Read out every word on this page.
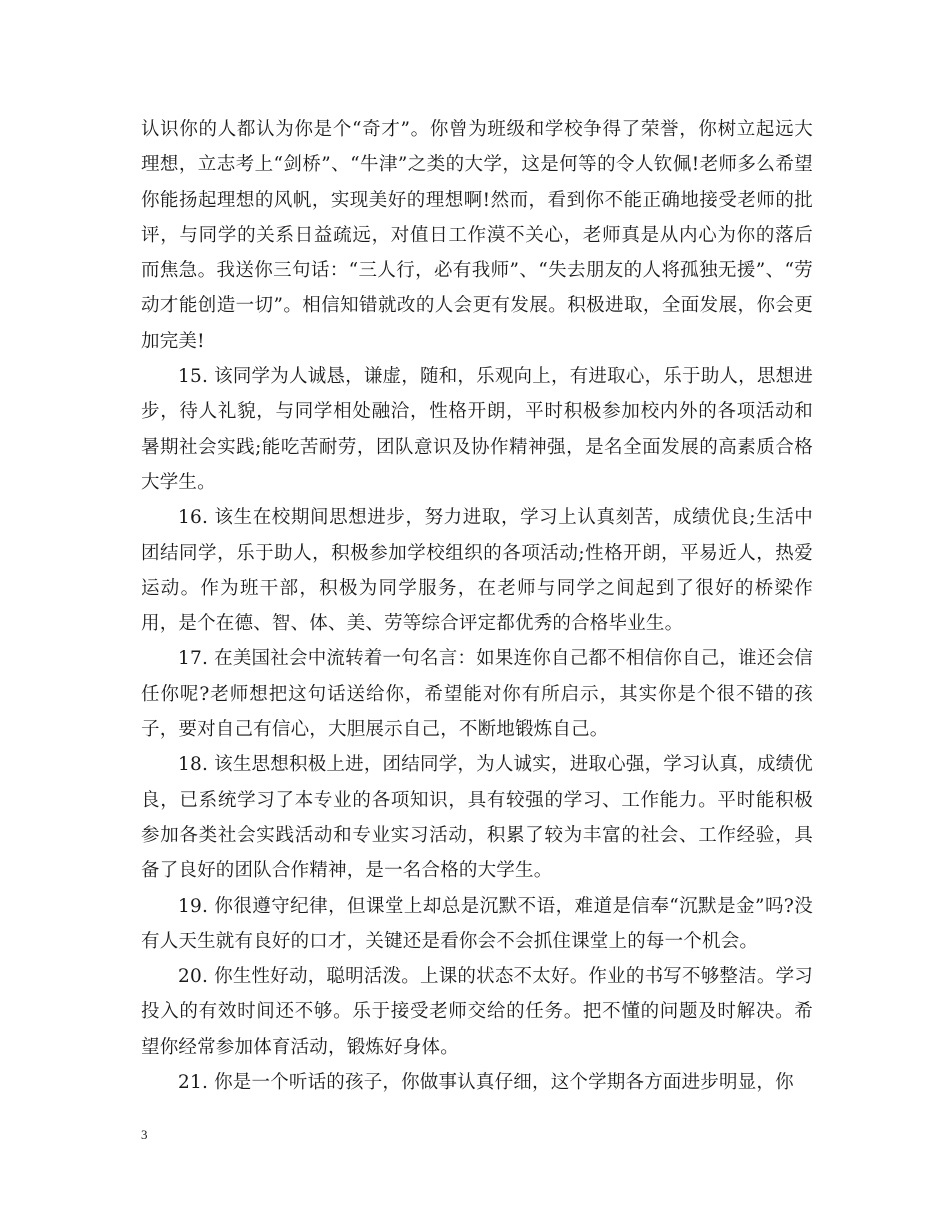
认识你的人都认为你是个“奇才”。你曾为班级和学校争得了荣誉，你树立起远大理想，立志考上“剑桥”、“牛津”之类的大学，这是何等的令人钦佩!老师多么希望你能扬起理想的风帆，实现美好的理想啊!然而，看到你不能正确地接受老师的批评，与同学的关系日益疏远，对值日工作漠不关心，老师真是从内心为你的落后而焦急。我送你三句话：“三人行，必有我师”、“失去朋友的人将孤独无援”、“劳动才能创造一切”。相信知错就改的人会更有发展。积极进取，全面发展，你会更加完美!

15. 该同学为人诚恳，谦虚，随和，乐观向上，有进取心，乐于助人，思想进步，待人礼貌，与同学相处融洽，性格开朗，平时积极参加校内外的各项活动和暑期社会实践;能吃苦耐劳，团队意识及协作精神强，是名全面发展的高素质合格大学生。

16. 该生在校期间思想进步，努力进取，学习上认真刻苦，成绩优良;生活中团结同学，乐于助人，积极参加学校组织的各项活动;性格开朗，平易近人，热爱运动。作为班干部，积极为同学服务，在老师与同学之间起到了很好的桥梁作用，是个在德、智、体、美、劳等综合评定都优秀的合格毕业生。

17. 在美国社会中流转着一句名言：如果连你自己都不相信你自己，谁还会信任你呢?老师想把这句话送给你，希望能对你有所启示，其实你是个很不错的孩子，要对自己有信心，大胆展示自己，不断地锻炼自己。

18. 该生思想积极上进，团结同学，为人诚实，进取心强，学习认真，成绩优良，已系统学习了本专业的各项知识，具有较强的学习、工作能力。平时能积极参加各类社会实践活动和专业实习活动，积累了较为丰富的社会、工作经验，具备了良好的团队合作精神，是一名合格的大学生。

19. 你很遵守纪律，但课堂上却总是沉默不语，难道是信奉“沉默是金”吗?没有人天生就有良好的口才，关键还是看你会不会抓住课堂上的每一个机会。

20. 你生性好动，聪明活泼。上课的状态不太好。作业的书写不够整洁。学习投入的有效时间还不够。乐于接受老师交给的任务。把不懂的问题及时解决。希望你经常参加体育活动，锻炼好身体。

21. 你是一个听话的孩子，你做事认真仔细，这个学期各方面进步明显，你

3
